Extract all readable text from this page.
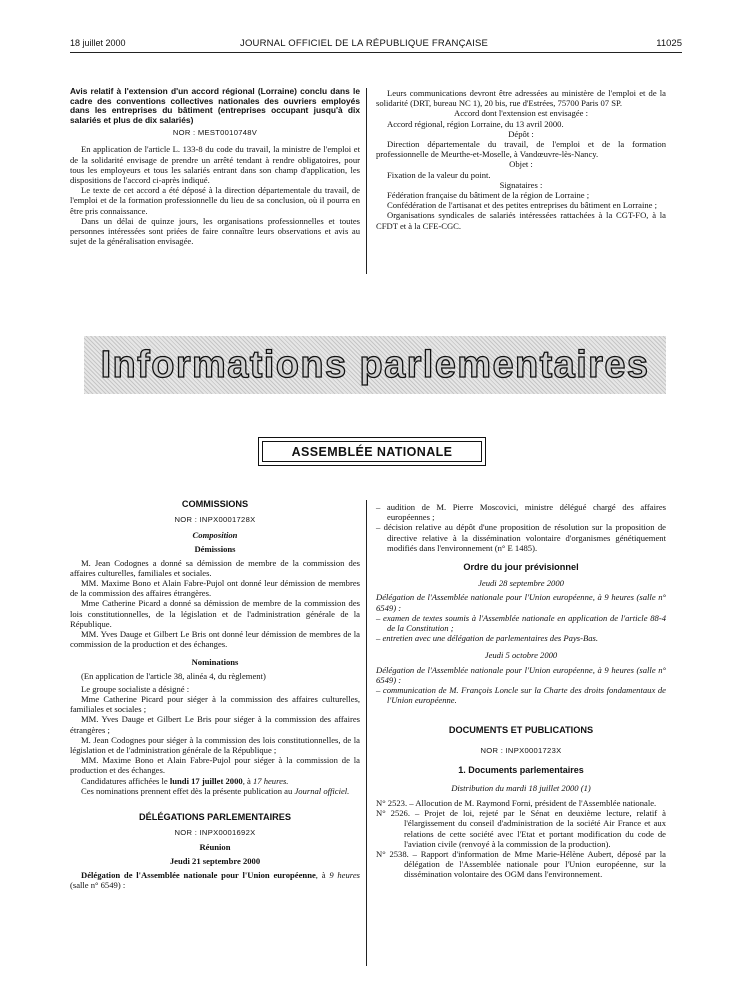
18 juillet 2000	JOURNAL OFFICIEL DE LA RÉPUBLIQUE FRANÇAISE	11025

Avis relatif à l'extension d'un accord régional (Lorraine) conclu dans le cadre des conventions collectives nationales des ouvriers employés dans les entreprises du bâtiment (entreprises occupant jusqu'à dix salariés et plus de dix salariés)

NOR : MEST0010748V

En application de l'article L. 133-8 du code du travail, la ministre de l'emploi et de la solidarité envisage de prendre un arrêté tendant à rendre obligatoires, pour tous les employeurs et tous les salariés entrant dans son champ d'application, les dispositions de l'accord ci-après indiqué.

Le texte de cet accord a été déposé à la direction départementale du travail, de l'emploi et de la formation professionnelle du lieu de sa conclusion, où il pourra en être pris connaissance.

Dans un délai de quinze jours, les organisations professionnelles et toutes personnes intéressées sont priées de faire connaître leurs observations et avis au sujet de la généralisation envisagée.

Leurs communications devront être adressées au ministère de l'emploi et de la solidarité (DRT, bureau NC 1), 20 bis, rue d'Estrées, 75700 Paris 07 SP.

Accord dont l'extension est envisagée :

Accord régional, région Lorraine, du 13 avril 2000.

Dépôt :

Direction départementale du travail, de l'emploi et de la formation professionnelle de Meurthe-et-Moselle, à Vandœuvre-lès-Nancy.

Objet :

Fixation de la valeur du point.

Signataires :

Fédération française du bâtiment de la région de Lorraine ;

Confédération de l'artisanat et des petites entreprises du bâtiment en Lorraine ;

Organisations syndicales de salariés intéressées rattachées à la CGT-FO, à la CFDT et à la CFE-CGC.

Informations parlementaires
ASSEMBLÉE NATIONALE

COMMISSIONS

NOR : INPX0001728X

Composition

Démissions

M. Jean Codognes a donné sa démission de membre de la commission des affaires culturelles, familiales et sociales.

MM. Maxime Bono et Alain Fabre-Pujol ont donné leur démission de membres de la commission des affaires étrangères.

Mme Catherine Picard a donné sa démission de membre de la commission des lois constitutionnelles, de la législation et de l'administration générale de la République.

MM. Yves Dauge et Gilbert Le Bris ont donné leur démission de membres de la commission de la production et des échanges.

Nominations

(En application de l'article 38, alinéa 4, du règlement)

Le groupe socialiste a désigné :

Mme Catherine Picard pour siéger à la commission des affaires culturelles, familiales et sociales ;

MM. Yves Dauge et Gilbert Le Bris pour siéger à la commission des affaires étrangères ;

M. Jean Codognes pour siéger à la commission des lois constitutionnelles, de la législation et de l'administration générale de la République ;

MM. Maxime Bono et Alain Fabre-Pujol pour siéger à la commission de la production et des échanges.

Candidatures affichées le lundi 17 juillet 2000, à 17 heures.

Ces nominations prennent effet dès la présente publication au Journal officiel.

DÉLÉGATIONS PARLEMENTAIRES

NOR : INPX0001692X

Réunion

Jeudi 21 septembre 2000

Délégation de l'Assemblée nationale pour l'Union européenne, à 9 heures (salle n° 6549) :

– audition de M. Pierre Moscovici, ministre délégué chargé des affaires européennes ;

– décision relative au dépôt d'une proposition de résolution sur la proposition de directive relative à la dissémination volontaire d'organismes génétiquement modifiés dans l'environnement (n° E 1485).

Ordre du jour prévisionnel

Jeudi 28 septembre 2000

Délégation de l'Assemblée nationale pour l'Union européenne, à 9 heures (salle n° 6549) :

– examen de textes soumis à l'Assemblée nationale en application de l'article 88-4 de la Constitution ;

– entretien avec une délégation de parlementaires des Pays-Bas.

Jeudi 5 octobre 2000

Délégation de l'Assemblée nationale pour l'Union européenne, à 9 heures (salle n° 6549) :

– communication de M. François Loncle sur la Charte des droits fondamentaux de l'Union européenne.

DOCUMENTS ET PUBLICATIONS

NOR : INPX0001723X

1. Documents parlementaires

Distribution du mardi 18 juillet 2000 (1)

N° 2523. – Allocution de M. Raymond Forni, président de l'Assemblée nationale.

N° 2526. – Projet de loi, rejeté par le Sénat en deuxième lecture, relatif à l'élargissement du conseil d'administration de la société Air France et aux relations de cette société avec l'Etat et portant modification du code de l'aviation civile (renvoyé à la commission de la production).

N° 2538. – Rapport d'information de Mme Marie-Hélène Aubert, déposé par la délégation de l'Assemblée nationale pour l'Union européenne, sur la dissémination volontaire des OGM dans l'environnement.
